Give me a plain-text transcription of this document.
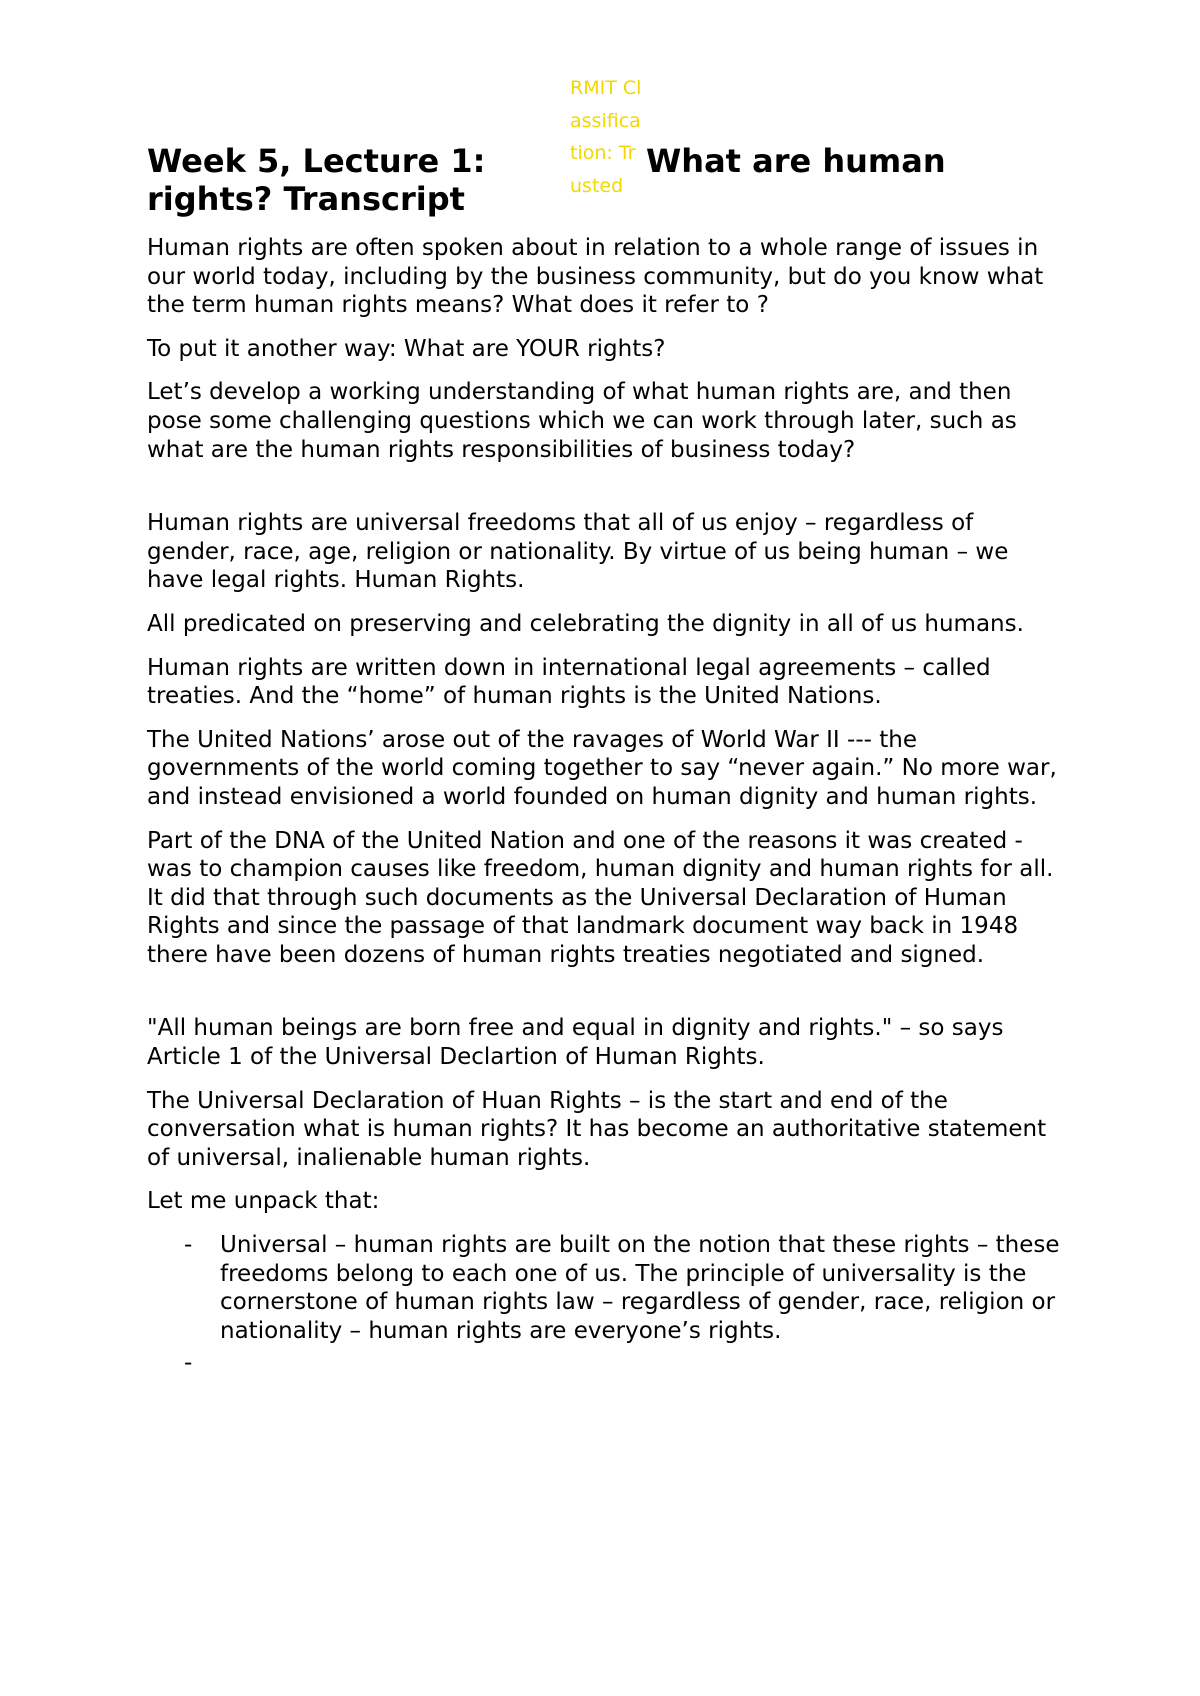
RMIT Classification: Trusted
Week 5, Lecture 1: rights? Transcript
What are human

Human rights are often spoken about in relation to a whole range of issues in our world today, including by the business community, but do you know what the term human rights means? What does it refer to ?

To put it another way: What are YOUR rights?

Let’s develop a working understanding of what human rights are, and then pose some challenging questions which we can work through later, such as what are the human rights responsibilities of business today?

Human rights are universal freedoms that all of us enjoy – regardless of gender, race, age, religion or nationality. By virtue of us being human – we have legal rights. Human Rights.

All predicated on preserving and celebrating the dignity in all of us humans.

Human rights are written down in international legal agreements – called treaties. And the “home” of human rights is the United Nations.

The United Nations’ arose out of the ravages of World War II --- the governments of the world coming together to say “never again.” No more war, and instead envisioned a world founded on human dignity and human rights.

Part of the DNA of the United Nation and one of the reasons it was created - was to champion causes like freedom, human dignity and human rights for all. It did that through such documents as the Universal Declaration of Human Rights and since the passage of that landmark document way back in 1948 there have been dozens of human rights treaties negotiated and signed.

"All human beings are born free and equal in dignity and rights." – so says Article 1 of the Universal Declartion of Human Rights.

The Universal Declaration of Huan Rights – is the start and end of the conversation what is human rights? It has become an authoritative statement of universal, inalienable human rights.

Let me unpack that:

- Universal – human rights are built on the notion that these rights – these freedoms belong to each one of us. The principle of universality is the cornerstone of human rights law – regardless of gender, race, religion or nationality – human rights are everyone’s rights.
-
